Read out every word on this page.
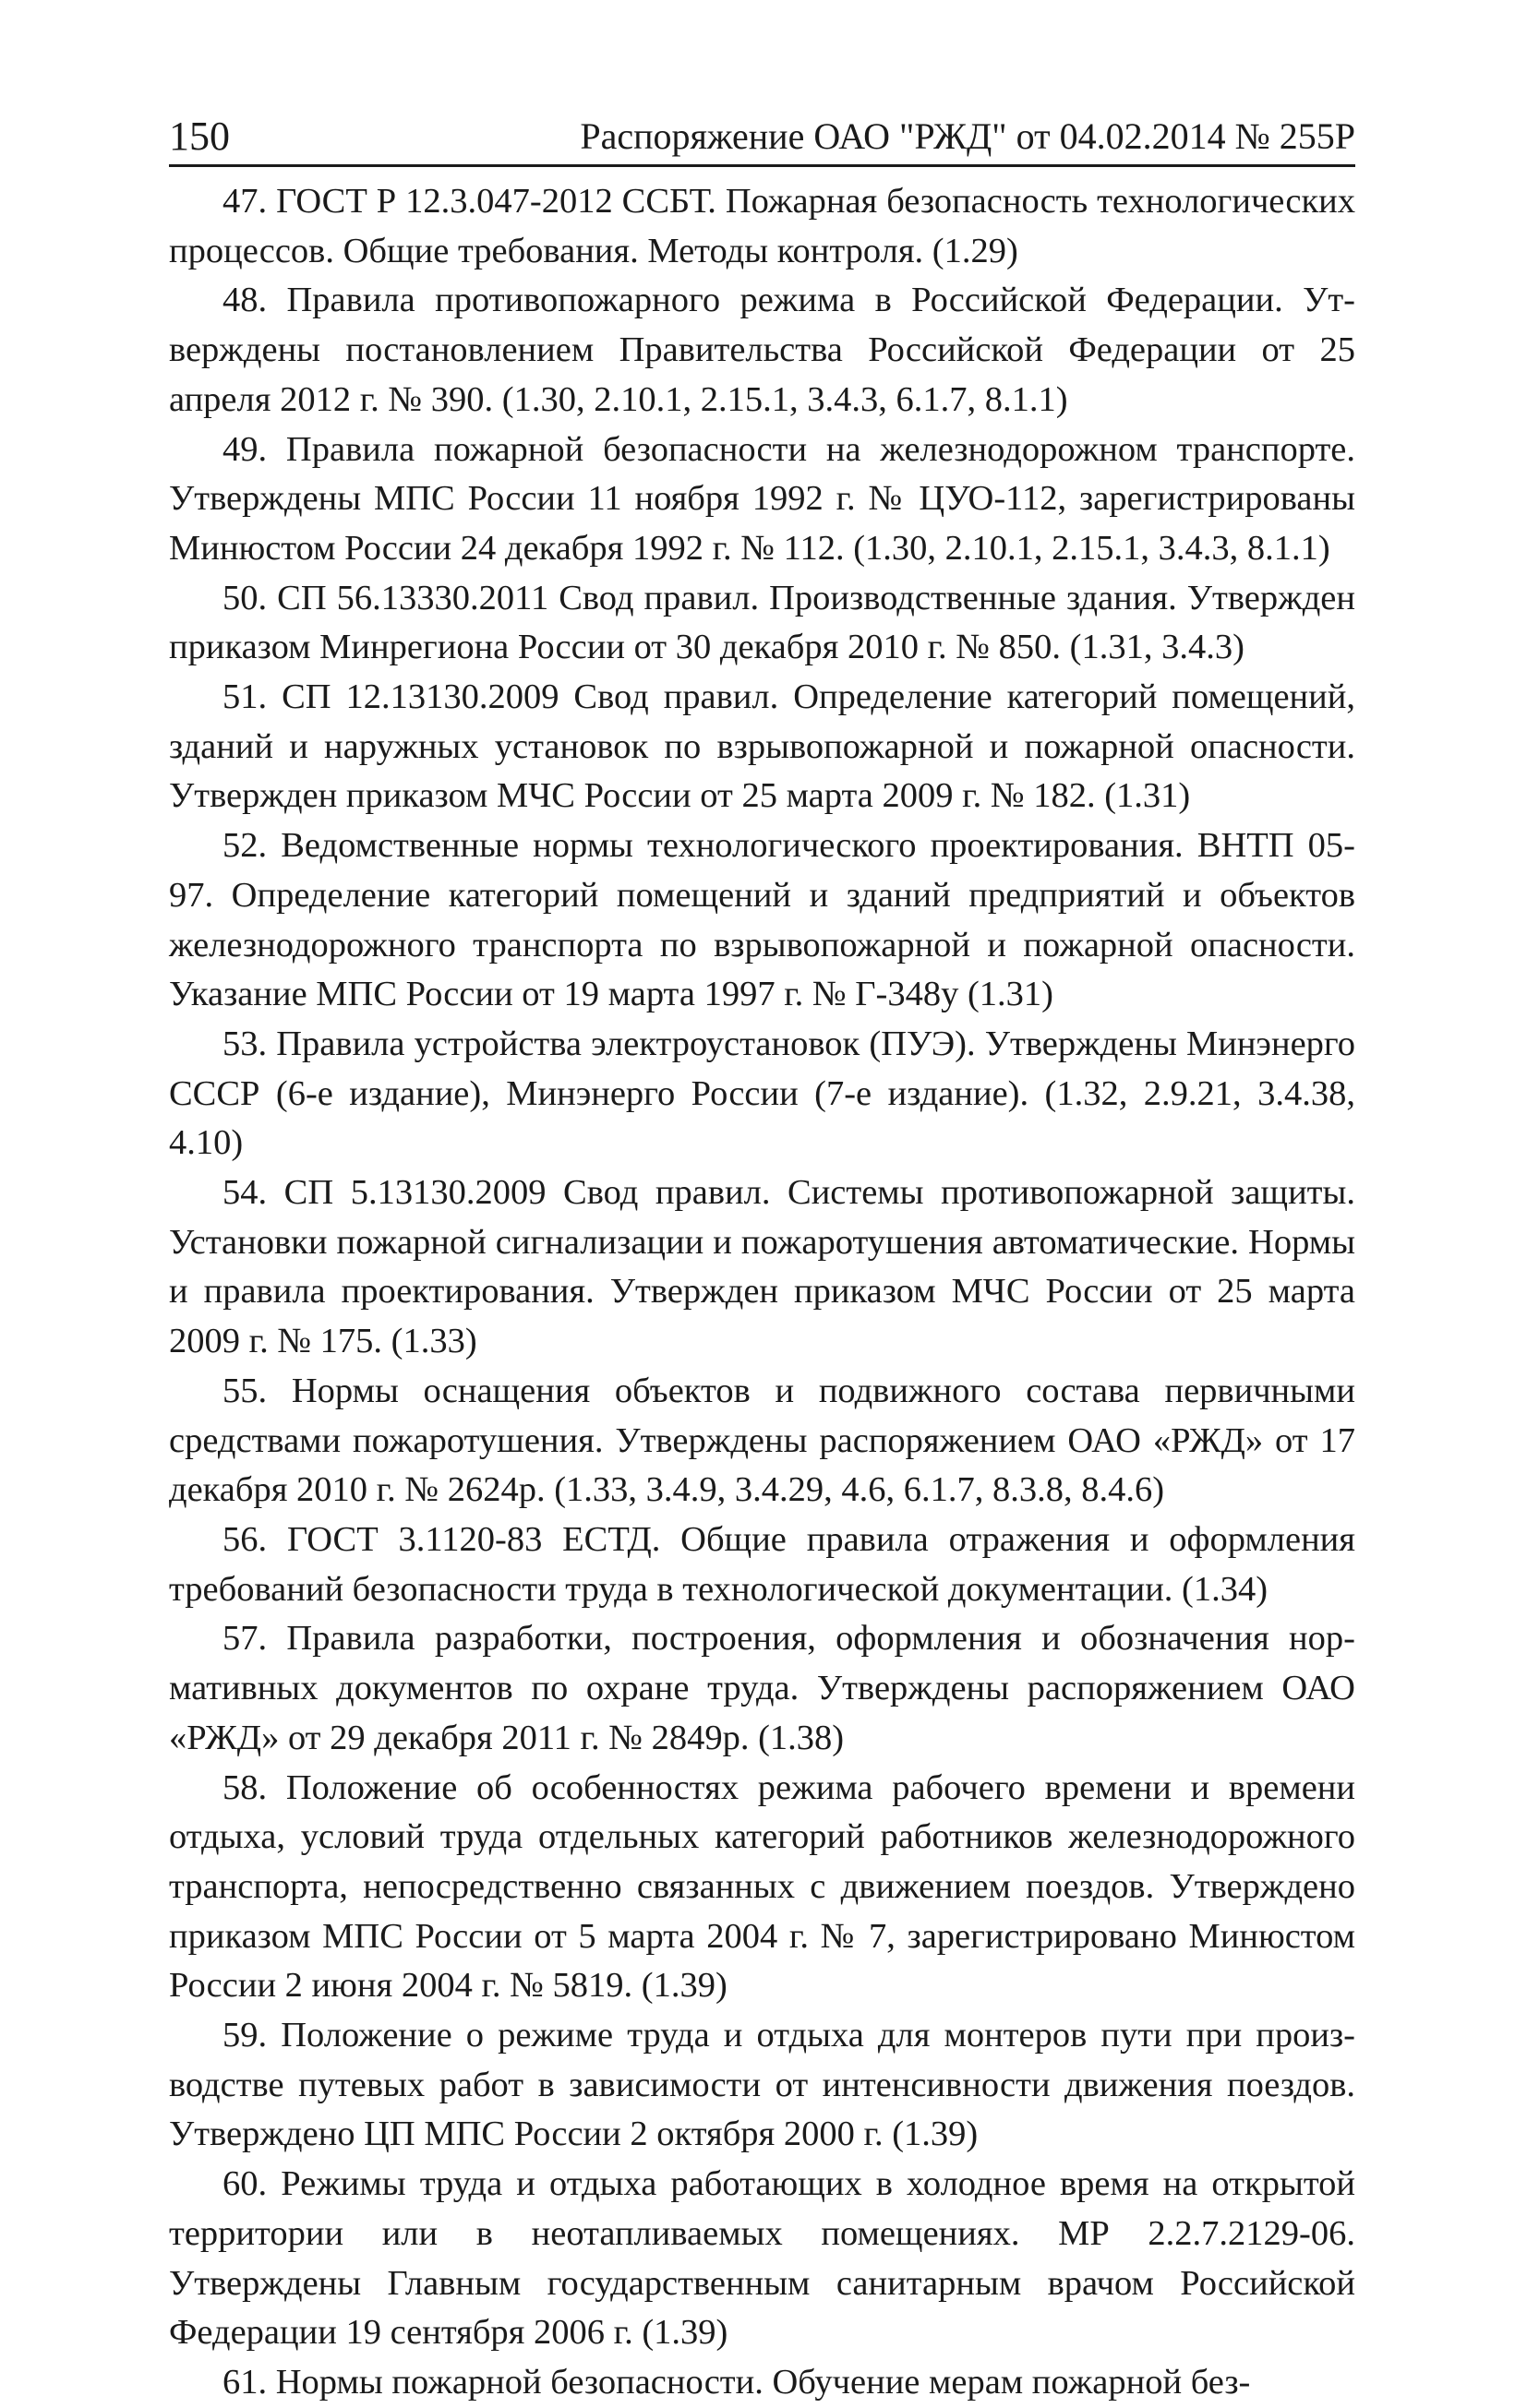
150	Распоряжение ОАО "РЖД" от 04.02.2014 № 255Р

47. ГОСТ Р 12.3.047-2012 ССБТ. Пожарная безопасность технологических процессов. Общие требования. Методы контроля. (1.29)

48. Правила противопожарного режима в Российской Федерации. Утверждены постановлением Правительства Российской Федерации от 25 апреля 2012 г. № 390. (1.30, 2.10.1, 2.15.1, 3.4.3, 6.1.7, 8.1.1)

49. Правила пожарной безопасности на железнодорожном транспорте. Утверждены МПС России 11 ноября 1992 г. № ЦУО-112, зарегистрированы Минюстом России 24 декабря 1992 г. № 112. (1.30, 2.10.1, 2.15.1, 3.4.3, 8.1.1)

50. СП 56.13330.2011 Свод правил. Производственные здания. Утвержден приказом Минрегиона России от 30 декабря 2010 г. № 850. (1.31, 3.4.3)

51. СП 12.13130.2009 Свод правил. Определение категорий помещений, зданий и наружных установок по взрывопожарной и пожарной опасности. Утвержден приказом МЧС России от 25 марта 2009 г. № 182. (1.31)

52. Ведомственные нормы технологического проектирования. ВНТП 05-97. Определение категорий помещений и зданий предприятий и объектов железнодорожного транспорта по взрывопожарной и пожарной опасности. Указание МПС России от 19 марта 1997 г. № Г-348у (1.31)

53. Правила устройства электроустановок (ПУЭ). Утверждены Минэнерго СССР (6-е издание), Минэнерго России (7-е издание). (1.32, 2.9.21, 3.4.38, 4.10)

54. СП 5.13130.2009 Свод правил. Системы противопожарной защиты. Установки пожарной сигнализации и пожаротушения автоматические. Нормы и правила проектирования. Утвержден приказом МЧС России от 25 марта 2009 г. № 175. (1.33)

55. Нормы оснащения объектов и подвижного состава первичными средствами пожаротушения. Утверждены распоряжением ОАО «РЖД» от 17 декабря 2010 г. № 2624р. (1.33, 3.4.9, 3.4.29, 4.6, 6.1.7, 8.3.8, 8.4.6)

56. ГОСТ 3.1120-83 ЕСТД. Общие правила отражения и оформления требований безопасности труда в технологической документации. (1.34)

57. Правила разработки, построения, оформления и обозначения нормативных документов по охране труда. Утверждены распоряжением ОАО «РЖД» от 29 декабря 2011 г. № 2849р. (1.38)

58. Положение об особенностях режима рабочего времени и времени отдыха, условий труда отдельных категорий работников железнодорожного транспорта, непосредственно связанных с движением поездов. Утверждено приказом МПС России от 5 марта 2004 г. № 7, зарегистрировано Минюстом России 2 июня 2004 г. № 5819. (1.39)

59. Положение о режиме труда и отдыха для монтеров пути при производстве путевых работ в зависимости от интенсивности движения поездов. Утверждено ЦП МПС России 2 октября 2000 г. (1.39)

60. Режимы труда и отдыха работающих в холодное время на открытой территории или в неотапливаемых помещениях. МР 2.2.7.2129-06. Утверждены Главным государственным санитарным врачом Российской Федерации 19 сентября 2006 г. (1.39)

61. Нормы пожарной безопасности. Обучение мерам пожарной без-
